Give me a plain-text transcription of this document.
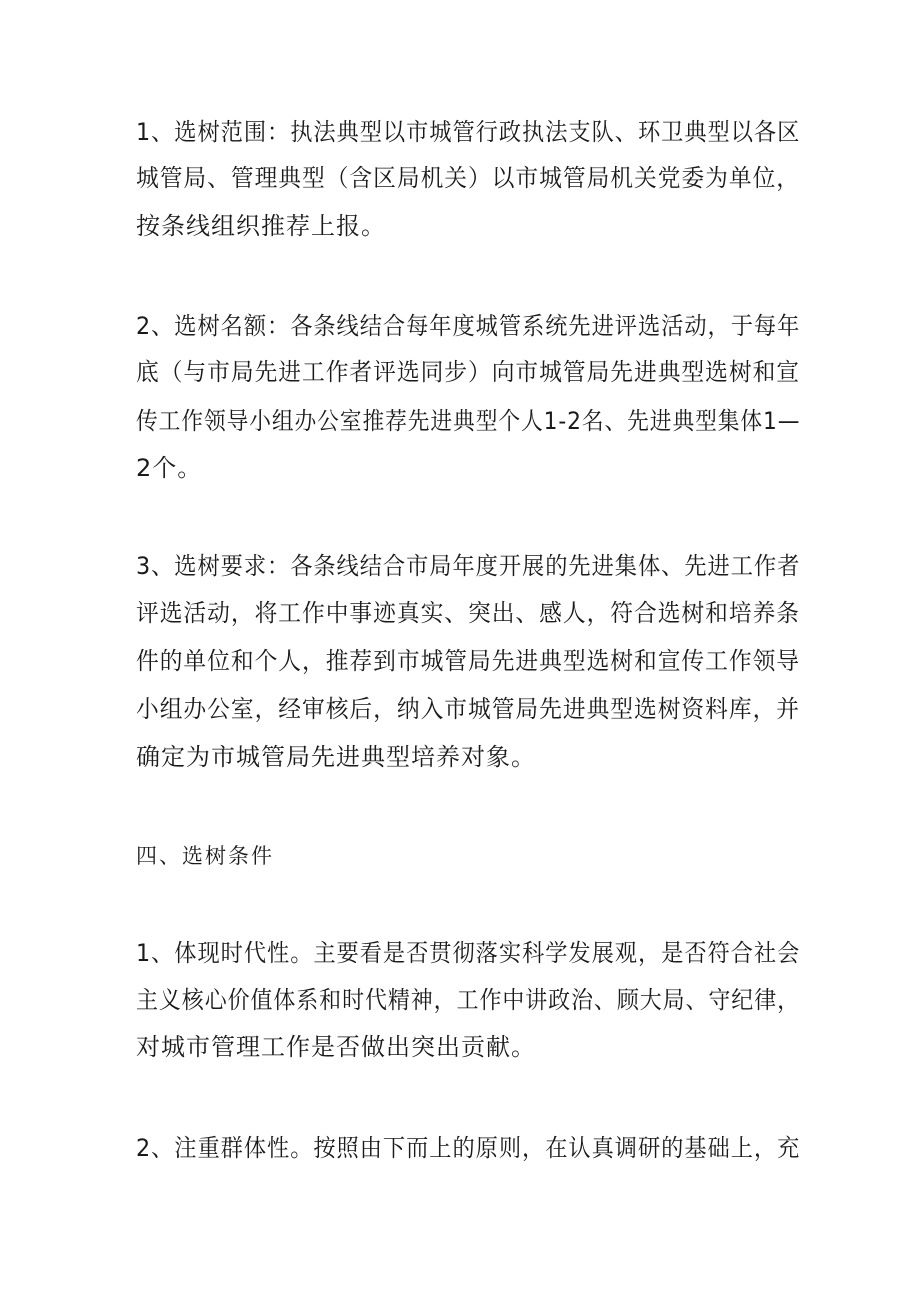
1、选树范围：执法典型以市城管行政执法支队、环卫典型以各区
城管局、管理典型（含区局机关）以市城管局机关党委为单位，
按条线组织推荐上报。
2、选树名额：各条线结合每年度城管系统先进评选活动，于每年
底（与市局先进工作者评选同步）向市城管局先进典型选树和宣
传工作领导小组办公室推荐先进典型个人1-2名、先进典型集体1—
2个。
3、选树要求：各条线结合市局年度开展的先进集体、先进工作者
评选活动，将工作中事迹真实、突出、感人，符合选树和培养条
件的单位和个人，推荐到市城管局先进典型选树和宣传工作领导
小组办公室，经审核后，纳入市城管局先进典型选树资料库，并
确定为市城管局先进典型培养对象。
四、选树条件
1、体现时代性。主要看是否贯彻落实科学发展观，是否符合社会
主义核心价值体系和时代精神，工作中讲政治、顾大局、守纪律，
对城市管理工作是否做出突出贡献。
2、注重群体性。按照由下而上的原则，在认真调研的基础上，充
